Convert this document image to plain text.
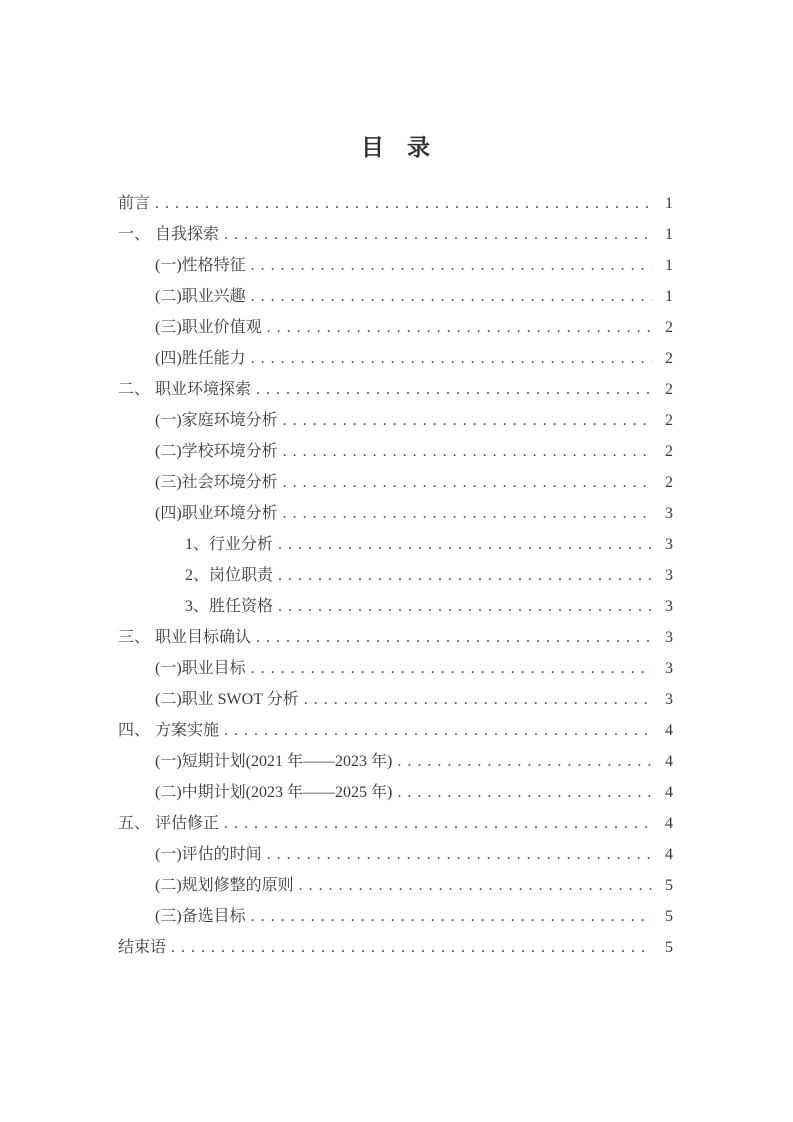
目　录
前言 .....	1
一、 自我探索 .....	1
(一)性格特征 .....	1
(二)职业兴趣 .....	1
(三)职业价值观 .....	2
(四)胜任能力 .....	2
二、 职业环境探索 .....	2
(一)家庭环境分析 .....	2
(二)学校环境分析 .....	2
(三)社会环境分析 .....	2
(四)职业环境分析 .....	3
1、行业分析 .....	3
2、岗位职责 .....	3
3、胜任资格 .....	3
三、 职业目标确认 .....	3
(一)职业目标 .....	3
(二)职业 SWOT 分析 .....	3
四、 方案实施 .....	4
(一)短期计划(2021 年——2023 年) .....	4
(二)中期计划(2023 年——2025 年) .....	4
五、 评估修正 .....	4
(一)评估的时间 .....	4
(二)规划修整的原则 .....	5
(三)备选目标 .....	5
结束语 .....	5
